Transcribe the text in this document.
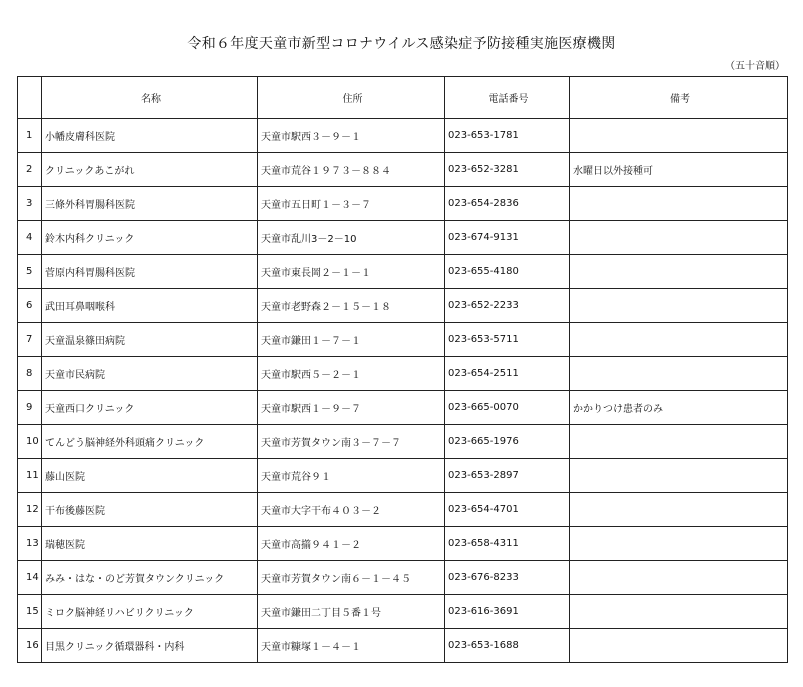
令和６年度天童市新型コロナウイルス感染症予防接種実施医療機関
（五十音順）
	名称	住所	電話番号	備考
1	小幡皮膚科医院	天童市駅西３－９－１	023-653-1781	
2	クリニックあこがれ	天童市荒谷１９７３－８８４	023-652-3281	水曜日以外接種可
3	三條外科胃腸科医院	天童市五日町１－３－７	023-654-2836	
4	鈴木内科クリニック	天童市乱川3－2－10	023-674-9131	
5	菅原内科胃腸科医院	天童市東長岡２－１－１	023-655-4180	
6	武田耳鼻咽喉科	天童市老野森２－１５－１８	023-652-2233	
7	天童温泉篠田病院	天童市鎌田１－７－１	023-653-5711	
8	天童市民病院	天童市駅西５－２－１	023-654-2511	
9	天童西口クリニック	天童市駅西１－９－７	023-665-0070	かかりつけ患者のみ
10	てんどう脳神経外科頭痛クリニック	天童市芳賀タウン南３－７－７	023-665-1976	
11	藤山医院	天童市荒谷９１	023-653-2897	
12	干布後藤医院	天童市大字干布４０３－２	023-654-4701	
13	瑞穂医院	天童市高擶９４１－２	023-658-4311	
14	みみ・はな・のど芳賀タウンクリニック	天童市芳賀タウン南６－１－４５	023-676-8233	
15	ミロク脳神経リハビリクリニック	天童市鎌田二丁目５番１号	023-616-3691	
16	目黒クリニック循環器科・内科	天童市糠塚１－４－１	023-653-1688	
